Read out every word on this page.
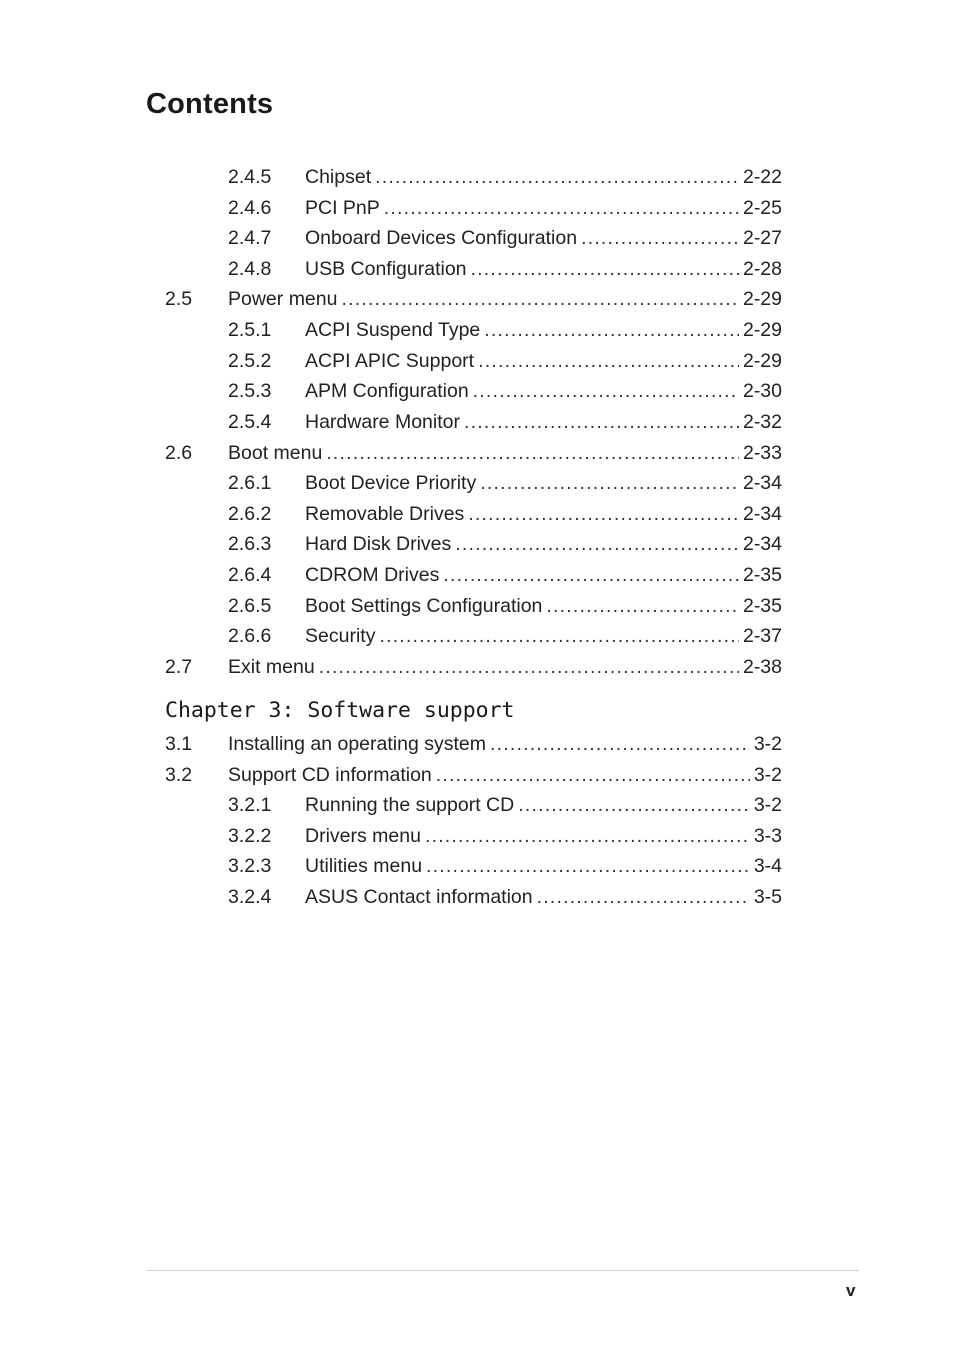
Contents
2.4.5 Chipset .....	2-22
2.4.6 PCI PnP .....	2-25
2.4.7 Onboard Devices Configuration .....	2-27
2.4.8 USB Configuration .....	2-28
2.5 Power menu .....	2-29
2.5.1 ACPI Suspend Type .....	2-29
2.5.2 ACPI APIC Support .....	2-29
2.5.3 APM Configuration .....	2-30
2.5.4 Hardware Monitor .....	2-32
2.6 Boot menu .....	2-33
2.6.1 Boot Device Priority .....	2-34
2.6.2 Removable Drives .....	2-34
2.6.3 Hard Disk Drives .....	2-34
2.6.4 CDROM Drives .....	2-35
2.6.5 Boot Settings Configuration .....	2-35
2.6.6 Security .....	2-37
2.7 Exit menu .....	2-38
3.1 Installing an operating system .....	3-2
3.2 Support CD information .....	3-2
3.2.1 Running the support CD .....	3-2
3.2.2 Drivers menu .....	3-3
3.2.3 Utilities menu .....	3-4
3.2.4 ASUS Contact information .....	3-5
Chapter 3: Software support
v
